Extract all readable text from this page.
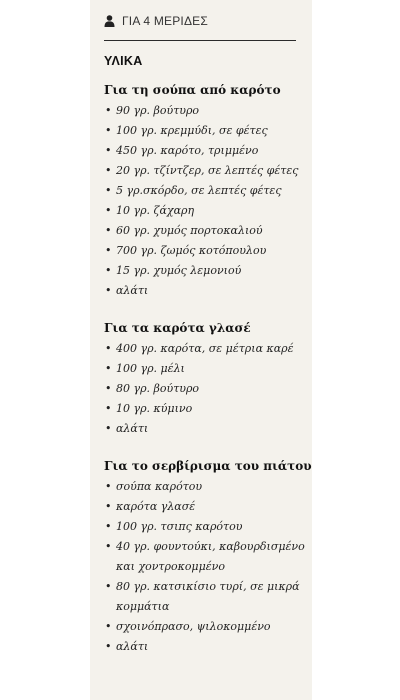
ΓΙΑ 4 ΜΕΡΙΔΕΣ
ΥΛΙΚΑ
Για τη σούπα από καρότο
• 90 γρ. βούτυρο
• 100 γρ. κρεμμύδι, σε φέτες
• 450 γρ. καρότο, τριμμένο
• 20 γρ. τζίντζερ, σε λεπτές φέτες
• 5 γρ.σκόρδο, σε λεπτές φέτες
• 10 γρ. ζάχαρη
• 60 γρ. χυμός πορτοκαλιού
• 700 γρ. ζωμός κοτόπουλου
• 15 γρ. χυμός λεμονιού
• αλάτι
Για τα καρότα γλασέ
• 400 γρ. καρότα, σε μέτρια καρέ
• 100 γρ. μέλι
• 80 γρ. βούτυρο
• 10 γρ. κύμινο
• αλάτι
Για το σερβίρισμα του πιάτου
• σούπα καρότου
• καρότα γλασέ
• 100 γρ. τσιπς καρότου
• 40 γρ. φουντούκι, καβουρδισμένο και χοντροκομμένο
• 80 γρ. κατσικίσιο τυρί, σε μικρά κομμάτια
• σχοινόπρασο, ψιλοκομμένο
• αλάτι
